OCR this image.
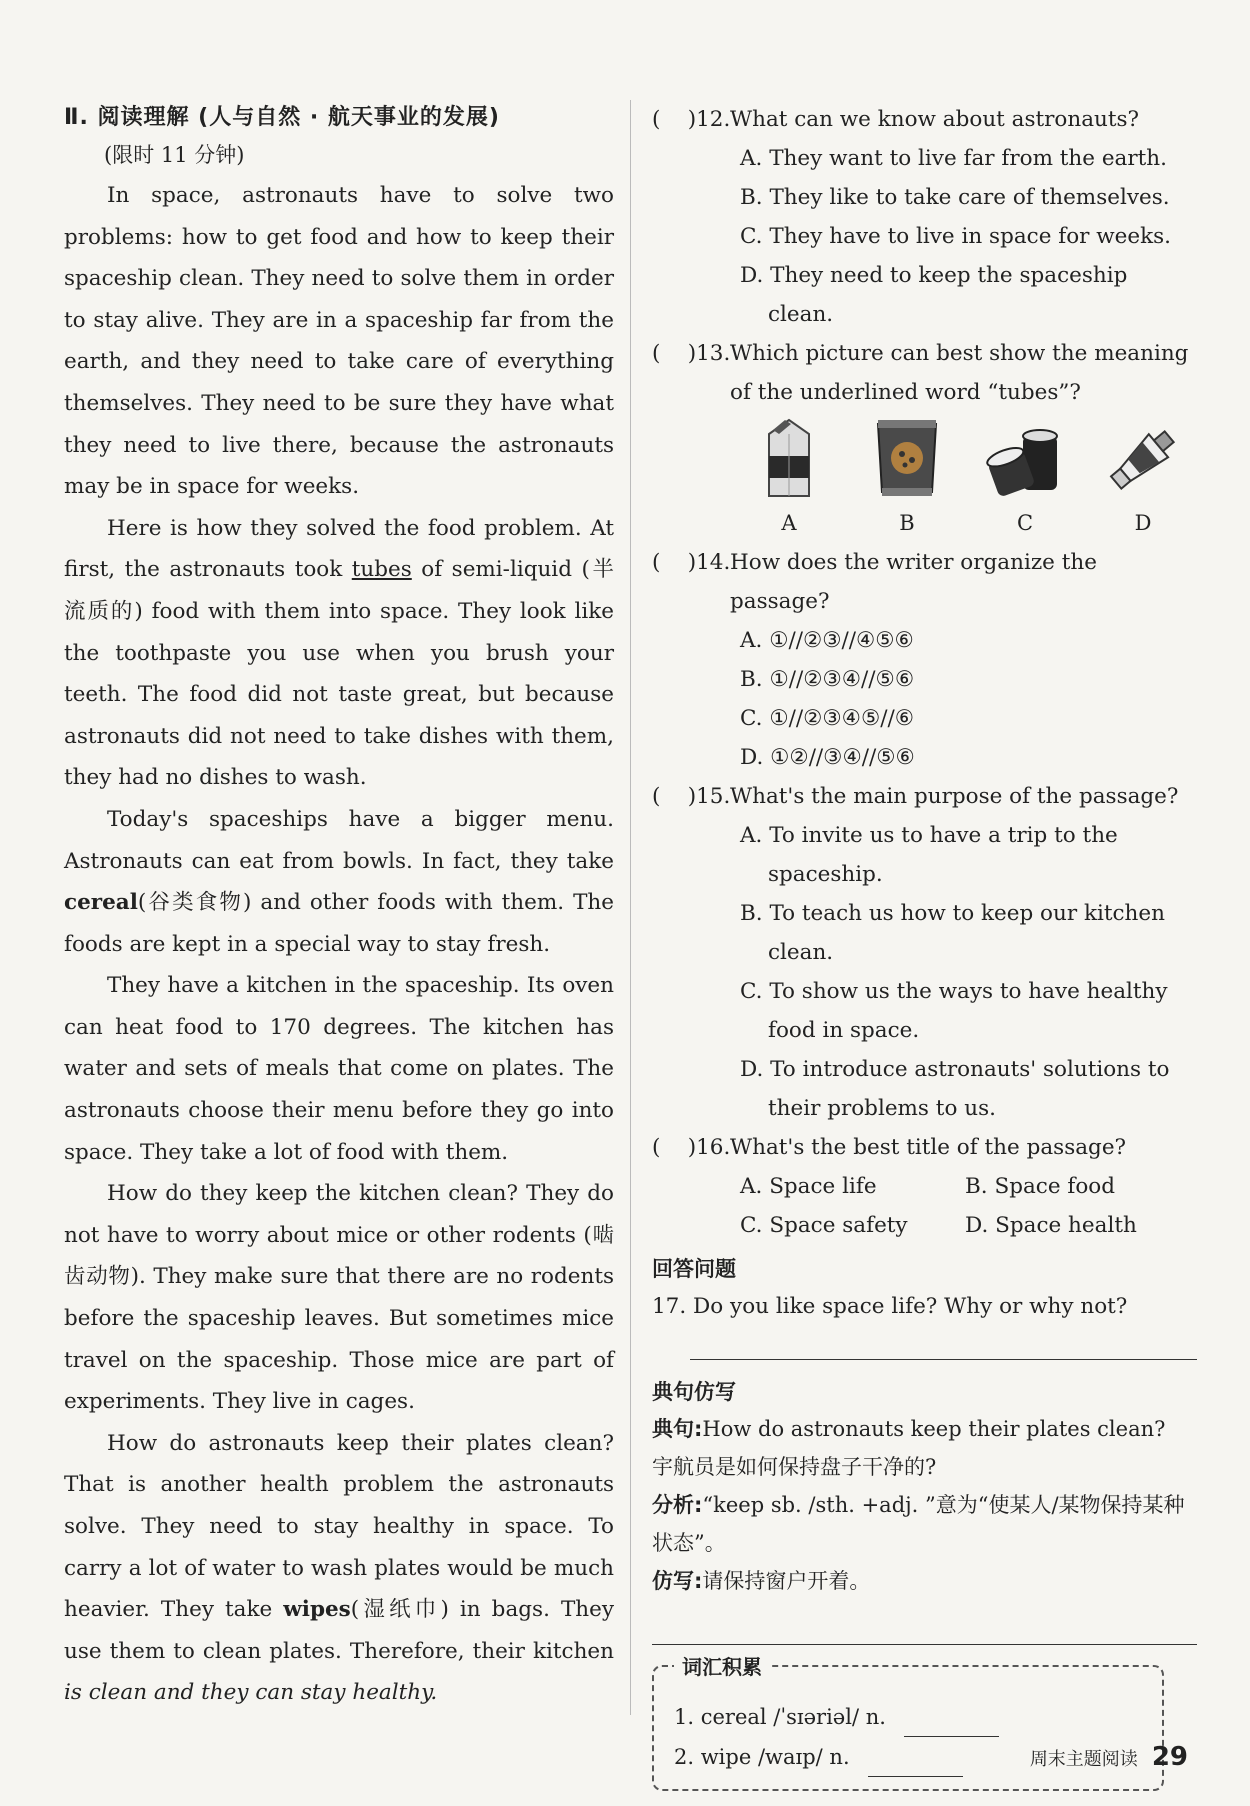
Ⅱ. 阅读理解 (人与自然 · 航天事业的发展)
(限时 11 分钟)

In space, astronauts have to solve two problems: how to get food and how to keep their spaceship clean. They need to solve them in order to stay alive. They are in a spaceship far from the earth, and they need to take care of everything themselves. They need to be sure they have what they need to live there, because the astronauts may be in space for weeks.

Here is how they solved the food problem. At first, the astronauts took tubes of semi-liquid (半流质的) food with them into space. They look like the toothpaste you use when you brush your teeth. The food did not taste great, but because astronauts did not need to take dishes with them, they had no dishes to wash.

Today's spaceships have a bigger menu. Astronauts can eat from bowls. In fact, they take cereal(谷类食物) and other foods with them. The foods are kept in a special way to stay fresh.

They have a kitchen in the spaceship. Its oven can heat food to 170 degrees. The kitchen has water and sets of meals that come on plates. The astronauts choose their menu before they go into space. They take a lot of food with them.

How do they keep the kitchen clean? They do not have to worry about mice or other rodents (啮齿动物). They make sure that there are no rodents before the spaceship leaves. But sometimes mice travel on the spaceship. Those mice are part of experiments. They live in cages.

How do astronauts keep their plates clean? That is another health problem the astronauts solve. They need to stay healthy in space. To carry a lot of water to wash plates would be much heavier. They take wipes(湿纸巾) in bags. They use them to clean plates. Therefore, their kitchen is clean and they can stay healthy.

(    )12. What can we know about astronauts?
A. They want to live far from the earth.
B. They like to take care of themselves.
C. They have to live in space for weeks.
D. They need to keep the spaceship clean.
(    )13. Which picture can best show the meaning of the underlined word “tubes”?
A	B	C	D
(    )14. How does the writer organize the passage?
A. ①//②③//④⑤⑥
B. ①//②③④//⑤⑥
C. ①//②③④⑤//⑥
D. ①②//③④//⑤⑥
(    )15. What's the main purpose of the passage?
A. To invite us to have a trip to the spaceship.
B. To teach us how to keep our kitchen clean.
C. To show us the ways to have healthy food in space.
D. To introduce astronauts' solutions to their problems to us.
(    )16. What's the best title of the passage?
A. Space life	B. Space food
C. Space safety	D. Space health
回答问题
17. Do you like space life? Why or why not?
典句仿写
典句:How do astronauts keep their plates clean?
宇航员是如何保持盘子干净的?
分析:“keep sb. /sth. +adj. ”意为“使某人/某物保持某种状态”。
仿写:请保持窗户开着。
词汇积累
1. cereal /ˈsɪəriəl/ n.
2. wipe /waɪp/ n.	周末主题阅读 29
